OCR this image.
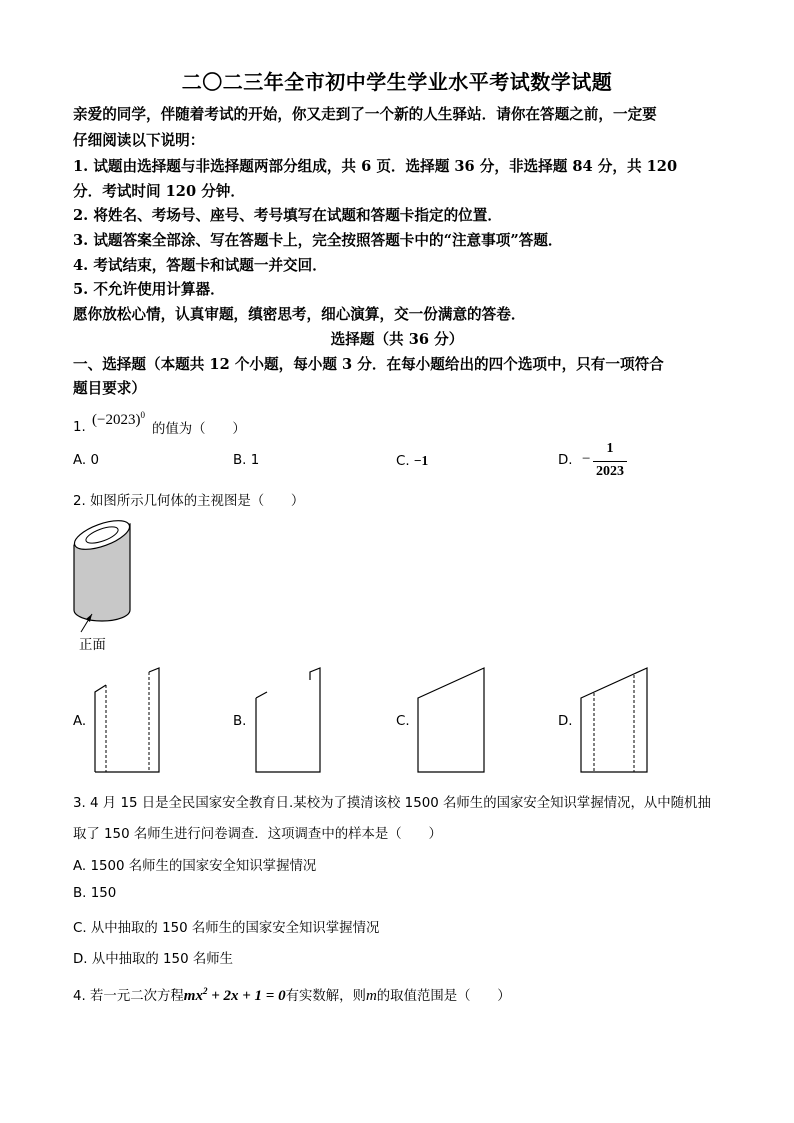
二〇二三年全市初中学生学业水平考试数学试题
亲爱的同学，伴随着考试的开始，你又走到了一个新的人生驿站．请你在答题之前，一定要
仔细阅读以下说明：
1. 试题由选择题与非选择题两部分组成，共 6 页．选择题 36 分，非选择题 84 分，共 120
分．考试时间 120 分钟．
2. 将姓名、考场号、座号、考号填写在试题和答题卡指定的位置．
3. 试题答案全部涂、写在答题卡上，完全按照答题卡中的“注意事项”答题．
4. 考试结束，答题卡和试题一并交回．
5. 不允许使用计算器．
愿你放松心情，认真审题，缜密思考，细心演算，交一份满意的答卷．
选择题（共 36 分）
一、选择题（本题共 12 个小题，每小题 3 分．在每小题给出的四个选项中，只有一项符合
题目要求）
1. $(-2023)^0$
的值为（　　）
A. 0	B. 1	C. −1	D. −
1
2023
2. 如图所示几何体的主视图是（　　）
正面
A.	B.	C.	D.
3. 4 月 15 日是全民国家安全教育日.某校为了摸清该校 1500 名师生的国家安全知识掌握情况，从中随机抽
取了 150 名师生进行问卷调查．这项调查中的样本是（　　）
A. 1500 名师生的国家安全知识掌握情况
B. 150
C. 从中抽取的 150 名师生的国家安全知识掌握情况
D. 从中抽取的 150 名师生
4. 若一元二次方程$mx^2 + 2x + 1 = 0$有实数解，则m的取值范围是（　　）
